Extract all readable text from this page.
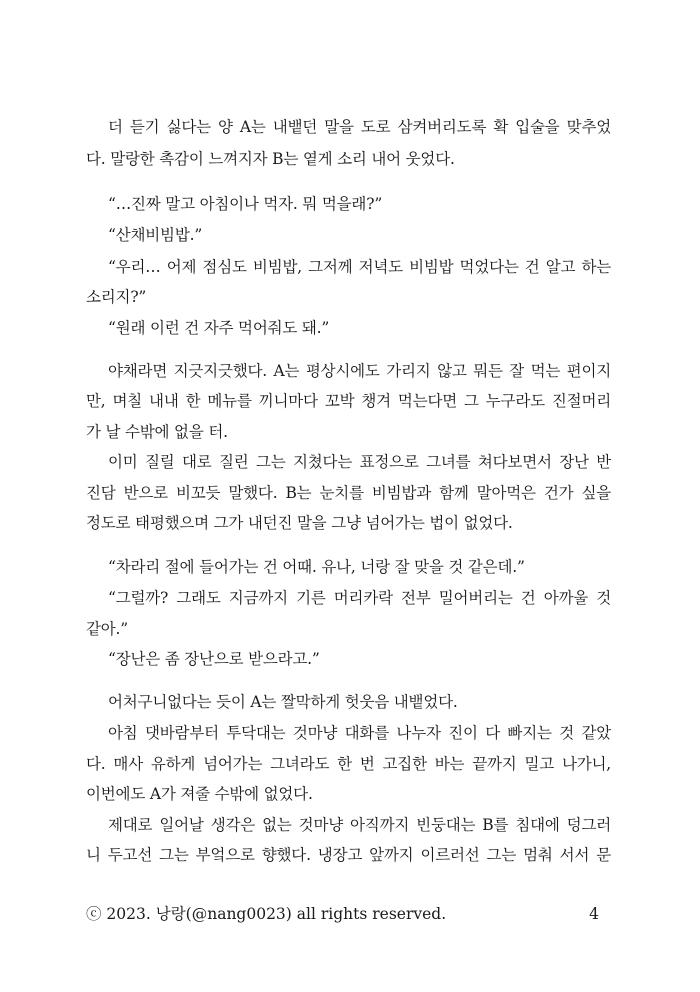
더 듣기 싫다는 양 A는 내뱉던 말을 도로 삼켜버리도록 확 입술을 맞추었
다. 말랑한 촉감이 느껴지자 B는 옅게 소리 내어 웃었다.
“…진짜 말고 아침이나 먹자. 뭐 먹을래?”
“산채비빔밥.”
“우리… 어제 점심도 비빔밥, 그저께 저녁도 비빔밥 먹었다는 건 알고 하는
소리지?”
“원래 이런 건 자주 먹어줘도 돼.”
야채라면 지긋지긋했다. A는 평상시에도 가리지 않고 뭐든 잘 먹는 편이지
만, 며칠 내내 한 메뉴를 끼니마다 꼬박 챙겨 먹는다면 그 누구라도 진절머리
가 날 수밖에 없을 터.
이미 질릴 대로 질린 그는 지쳤다는 표정으로 그녀를 쳐다보면서 장난 반
진담 반으로 비꼬듯 말했다. B는 눈치를 비빔밥과 함께 말아먹은 건가 싶을
정도로 태평했으며 그가 내던진 말을 그냥 넘어가는 법이 없었다.
“차라리 절에 들어가는 건 어때. 유나, 너랑 잘 맞을 것 같은데.”
“그럴까? 그래도 지금까지 기른 머리카락 전부 밀어버리는 건 아까울 것
같아.”
“장난은 좀 장난으로 받으라고.”
어처구니없다는 듯이 A는 짤막하게 헛웃음 내뱉었다.
아침 댓바람부터 투닥대는 것마냥 대화를 나누자 진이 다 빠지는 것 같았
다. 매사 유하게 넘어가는 그녀라도 한 번 고집한 바는 끝까지 밀고 나가니,
이번에도 A가 져줄 수밖에 없었다.
제대로 일어날 생각은 없는 것마냥 아직까지 빈둥대는 B를 침대에 덩그러
니 두고선 그는 부엌으로 향했다. 냉장고 앞까지 이르러선 그는 멈춰 서서 문
ⓒ 2023. 낭랑(@nang0023) all rights reserved.	4
